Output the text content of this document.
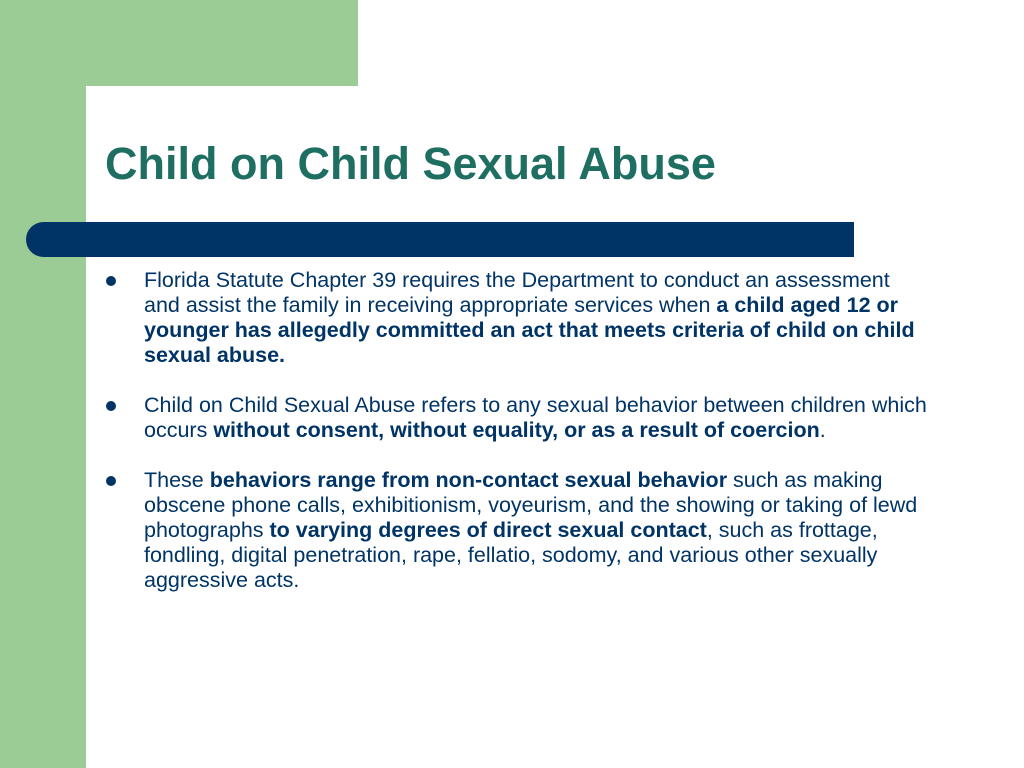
Child on Child Sexual Abuse
Florida Statute Chapter 39 requires the Department to conduct an assessment and assist the family in receiving appropriate services when a child aged 12 or younger has allegedly committed an act that meets criteria of child on child sexual abuse.
Child on Child Sexual Abuse refers to any sexual behavior between children which occurs without consent, without equality, or as a result of coercion.
These behaviors range from non-contact sexual behavior such as making obscene phone calls, exhibitionism, voyeurism, and the showing or taking of lewd photographs to varying degrees of direct sexual contact, such as frottage, fondling, digital penetration, rape, fellatio, sodomy, and various other sexually aggressive acts.
